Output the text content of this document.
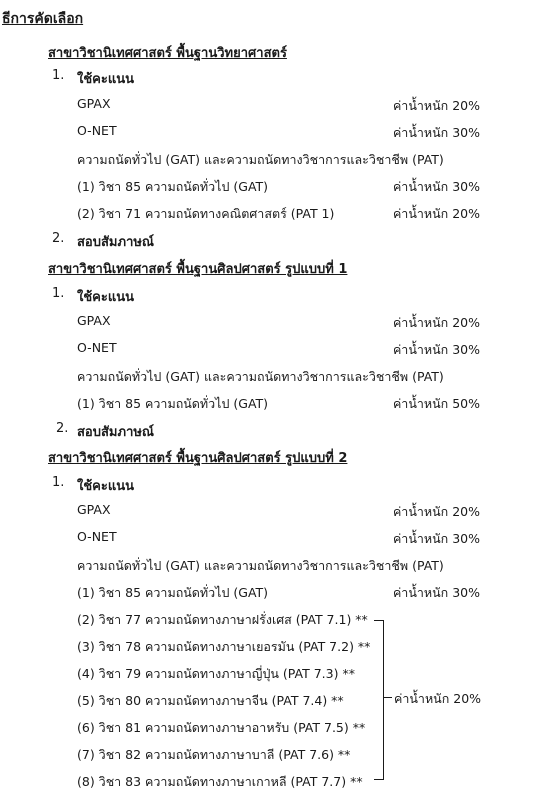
ธีการคัดเลือก
สาขาวิชานิเทศศาสตร์ พื้นฐานวิทยาศาสตร์
1. ใช้คะแนน
GPAX	ค่าน้ำหนัก 20%
O-NET	ค่าน้ำหนัก 30%
ความถนัดทั่วไป (GAT) และความถนัดทางวิชาการและวิชาชีพ (PAT)
(1) วิชา 85 ความถนัดทั่วไป (GAT)	ค่าน้ำหนัก 30%
(2) วิชา 71 ความถนัดทางคณิตศาสตร์ (PAT 1)	ค่าน้ำหนัก 20%
2. สอบสัมภาษณ์
สาขาวิชานิเทศศาสตร์ พื้นฐานศิลปศาสตร์ รูปแบบที่ 1
1. ใช้คะแนน
GPAX	ค่าน้ำหนัก 20%
O-NET	ค่าน้ำหนัก 30%
ความถนัดทั่วไป (GAT) และความถนัดทางวิชาการและวิชาชีพ (PAT)
(1) วิชา 85 ความถนัดทั่วไป (GAT)	ค่าน้ำหนัก 50%
2. สอบสัมภาษณ์
สาขาวิชานิเทศศาสตร์ พื้นฐานศิลปศาสตร์ รูปแบบที่ 2
1. ใช้คะแนน
GPAX	ค่าน้ำหนัก 20%
O-NET	ค่าน้ำหนัก 30%
ความถนัดทั่วไป (GAT) และความถนัดทางวิชาการและวิชาชีพ (PAT)
(1) วิชา 85 ความถนัดทั่วไป (GAT)	ค่าน้ำหนัก 30%
(2) วิชา 77 ความถนัดทางภาษาฝรั่งเศส (PAT 7.1) **
(3) วิชา 78 ความถนัดทางภาษาเยอรมัน (PAT 7.2) **
(4) วิชา 79 ความถนัดทางภาษาญี่ปุ่น (PAT 7.3) **
(5) วิชา 80 ความถนัดทางภาษาจีน (PAT 7.4) **
(6) วิชา 81 ความถนัดทางภาษาอาหรับ (PAT 7.5) **
(7) วิชา 82 ความถนัดทางภาษาบาลี (PAT 7.6) **
(8) วิชา 83 ความถนัดทางภาษาเกาหลี (PAT 7.7) **
ค่าน้ำหนัก 20%
